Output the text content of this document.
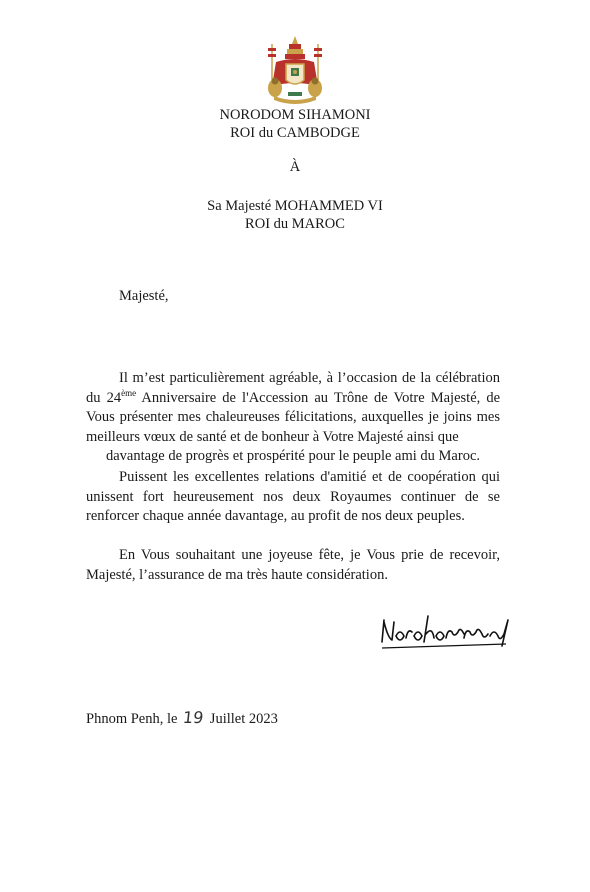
NORODOM SIHAMONI
ROI du CAMBODGE
À
Sa Majesté MOHAMMED VI
ROI du MAROC
Majesté,

Il m’est particulièrement agréable, à l’occasion de la célébration du 24ème Anniversaire de l'Accession au Trône de Votre Majesté, de Vous présenter mes chaleureuses félicitations, auxquelles je joins mes meilleurs vœux de santé et de bonheur à Votre Majesté ainsi que

davantage de progrès et prospérité pour le peuple ami du Maroc.

Puissent les excellentes relations d'amitié et de coopération qui unissent fort heureusement nos deux Royaumes continuer de se renforcer chaque année davantage, au profit de nos deux peuples.

En Vous souhaitant une joyeuse fête, je Vous prie de recevoir, Majesté, l’assurance de ma très haute considération.

Phnom Penh, le 19 Juillet 2023
